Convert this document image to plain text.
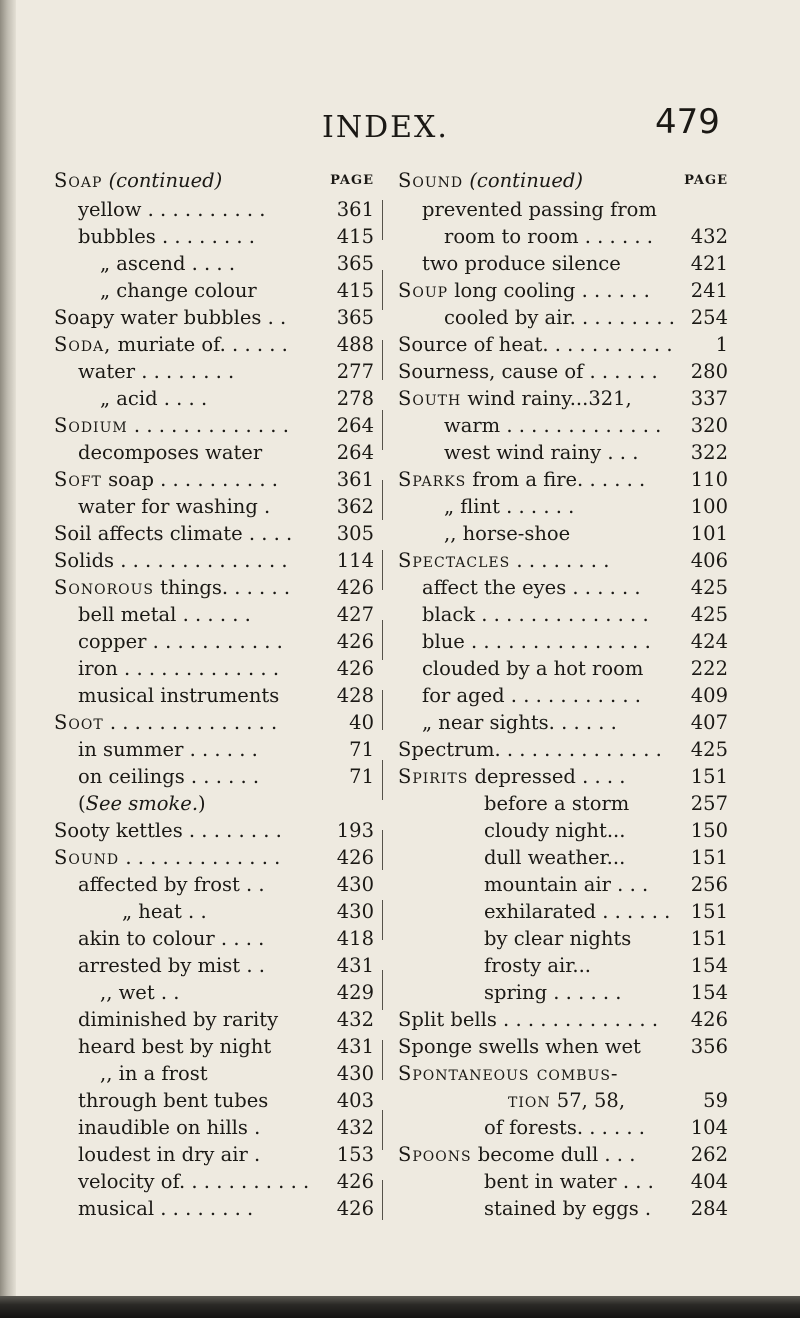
INDEX.	479
Soap (continued)	PAGE
yellow . . . . . . . . . .	361
bubbles . . . . . . . .	415
„ ascend . . . .	365
„ change colour	415
Soapy water bubbles . .	365
Soda, muriate of. . . . . .	488
water . . . . . . . .	277
„ acid . . . .	278
Sodium . . . . . . . . . . . . . 264
decomposes water	264
Soft soap . . . . . . . . . .	361
water for washing .	362
Soil affects climate . . . . 305
Solids . . . . . . . . . . . . . .	114
Sonorous things. . . . . . 426
bell metal . . . . . .	427
copper . . . . . . . . . . .	426
iron . . . . . . . . . . . . .	426
musical instruments	428
Soot . . . . . . . . . . . . . .	40
in summer . . . . . .	71
on ceilings . . . . . .	71
(See smoke.)
Sooty kettles . . . . . . . .	193
Sound . . . . . . . . . . . . .	426
affected by frost . .	430
„ heat . .	430
akin to colour . . . .	418
arrested by mist . .	431
,, wet . .	429
diminished by rarity	432
heard best by night	431
,, in a frost	430
through bent tubes	403
inaudible on hills .	432
loudest in dry air .	153
velocity of. . . . . . . . . . . 426
musical . . . . . . . .	426
Sound (continued)	PAGE
prevented passing from
room to room . . . . . . 432
two produce silence	421
Soup long cooling . . . . . . 241
cooled by air. . . . . . . . . 254
Source of heat. . . . . . . . . . . 1
Sourness, cause of . . . . . . 280
South wind rainy...321,	337
warm . . . . . . . . . . . . . 320
west wind rainy . . .	322
Sparks from a fire. . . . . . 110
„ flint . . . . . .	100
,, horse-shoe	101
Spectacles . . . . . . . .	406
affect the eyes . . . . . .	425
black . . . . . . . . . . . . . . 425
blue . . . . . . . . . . . . . . . 424
clouded by a hot room 222
for aged . . . . . . . . . . .	409
„ near sights. . . . . .	407
Spectrum. . . . . . . . . . . . . . 425
Spirits depressed . . . .	151
before a storm	257
cloudy night...	150
dull weather...	151
mountain air . . . 256
exhilarated . . . . . . 151
by clear nights	151
frosty air...	154
spring . . . . . .	154
Split bells . . . . . . . . . . . . . 426
Sponge swells when wet	356
Spontaneous combus-
tion 57, 58,	59
of forests. . . . . . 104
Spoons become dull . . .	262
bent in water . . . 404
stained by eggs . 284
